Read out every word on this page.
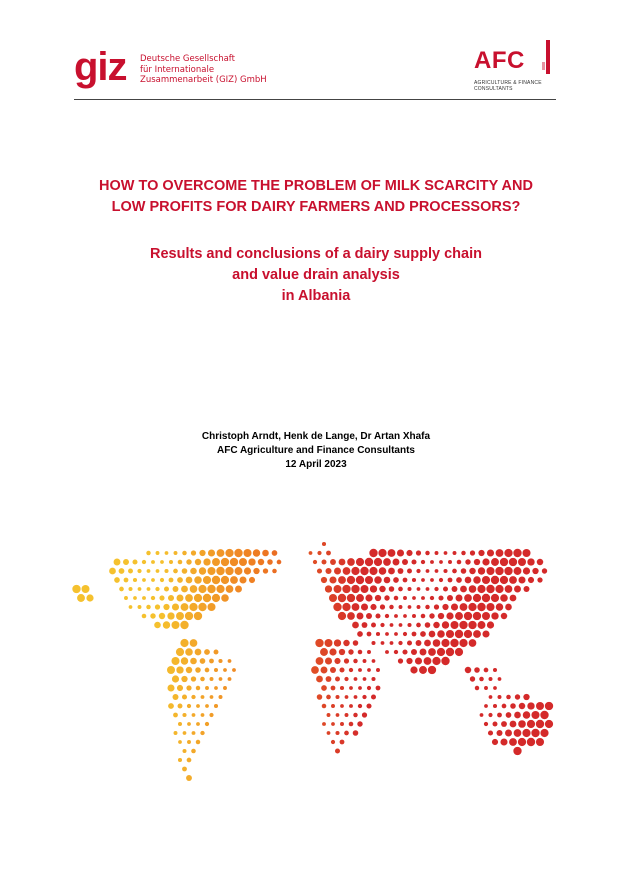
giz Deutsche Gesellschaft
für Internationale
Zusammenarbeit (GIZ) GmbH
AFC
AGRICULTURE & FINANCE
CONSULTANTS
HOW TO OVERCOME THE PROBLEM OF MILK SCARCITY AND
LOW PROFITS FOR DAIRY FARMERS AND PROCESSORS?
Results and conclusions of a dairy supply chain
and value drain analysis
in Albania
Christoph Arndt, Henk de Lange, Dr Artan Xhafa
AFC Agriculture and Finance Consultants
12 April 2023
